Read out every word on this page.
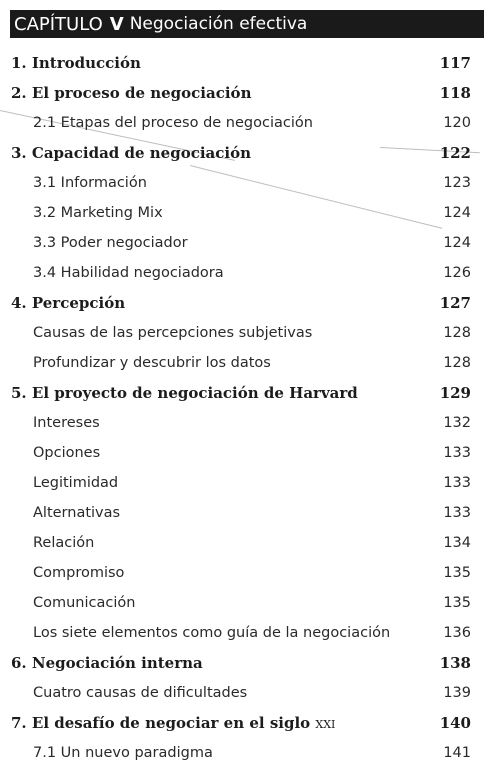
CAPÍTULO V Negociación efectiva
1. Introducción	117
2. El proceso de negociación	118
2.1 Etapas del proceso de negociación	120
3. Capacidad de negociación	122
3.1 Información	123
3.2 Marketing Mix	124
3.3 Poder negociador	124
3.4 Habilidad negociadora	126
4. Percepción	127
Causas de las percepciones subjetivas	128
Profundizar y descubrir los datos	128
5. El proyecto de negociación de Harvard	129
Intereses	132
Opciones	133
Legitimidad	133
Alternativas	133
Relación	134
Compromiso	135
Comunicación	135
Los siete elementos como guía de la negociación	136
6. Negociación interna	138
Cuatro causas de dificultades	139
7. El desafío de negociar en el siglo XXI	140
7.1 Un nuevo paradigma	141
